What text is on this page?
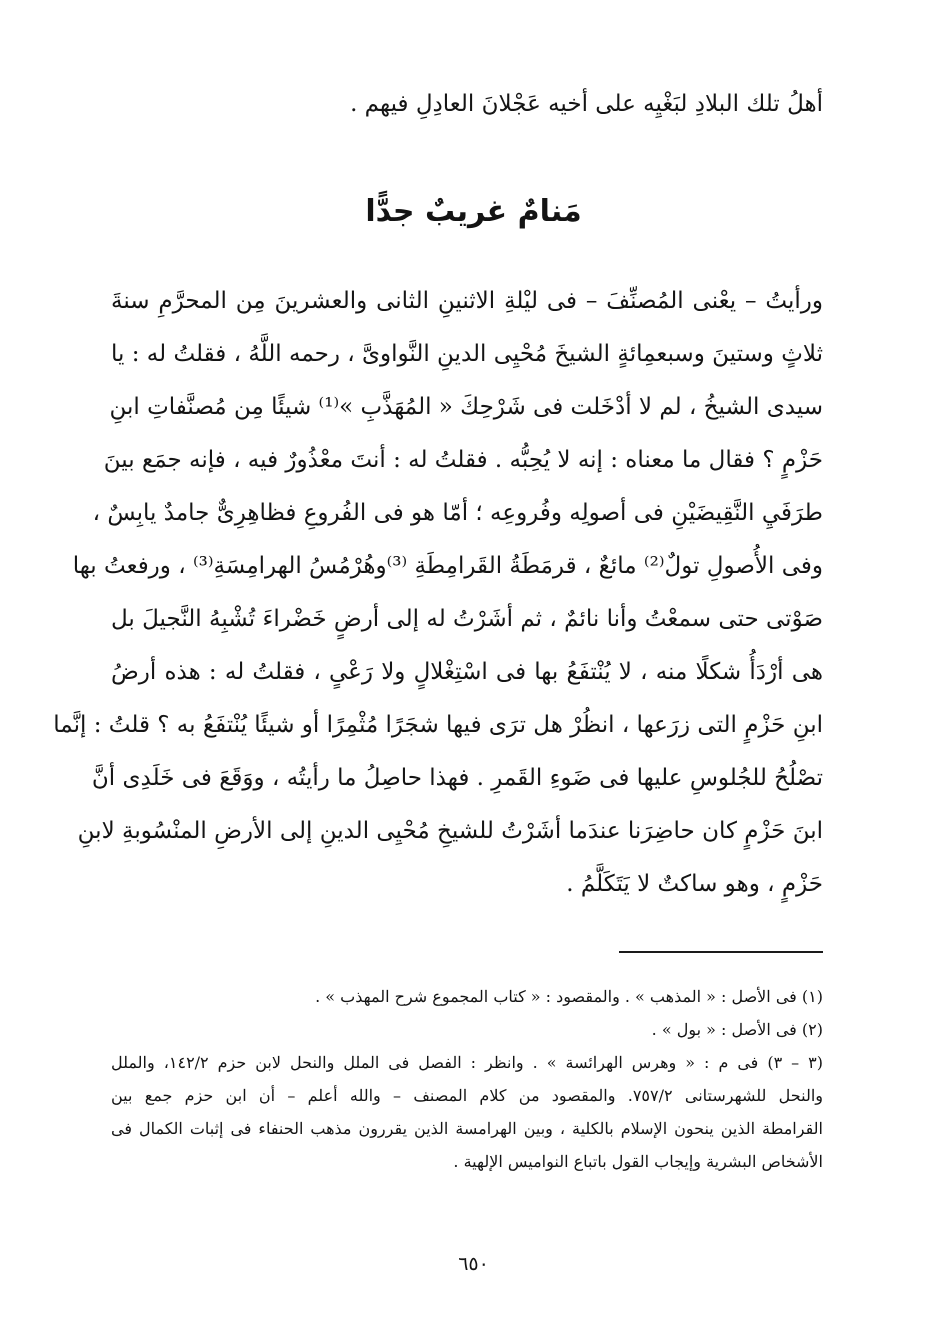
أهلُ تلك البلادِ لبَغْيِه على أخيه عَجْلانَ العادِلِ فيهم .
مَنامٌ غريبٌ جدًّا
ورأيتُ – يعْنى المُصنِّفَ – فى ليْلةِ الاثنينِ الثانى والعشرينَ مِن المحرَّمِ سنةَ
ثلاثٍ وستينَ وسبعمِائةٍ الشيخَ مُحْيِى الدينِ النَّواوىَّ ، رحمه اللَّهُ ، فقلتُ له : يا
سيدى الشيخُ ، لم لا أدْخَلت فى شَرْحِكَ « المُهَذَّبِ »⁽¹⁾ شيئًا مِن مُصنَّفاتِ ابنِ
حَزْمٍ ؟ فقال ما معناه : إنه لا يُحِبُّه . فقلتُ له : أنتَ معْذُورٌ فيه ، فإنه جمَع بينَ
طرَفَيِ النَّقِيضَيْنِ فى أصولِه وفُروعِه ؛ أمّا هو فى الفُروعِ فظاهِرِىٌّ جامدٌ يابِسٌ ،
وفى الأُصولِ تولٌ⁽²⁾ مائعٌ ، قرمَطَةُ القَرامِطَةِ ⁽³⁾وهُرْمُسُ الهرامِسَةِ⁽³⁾ ، ورفعتُ بها
صَوْتى حتى سمعْتُ وأنا نائمٌ ، ثم أشَرْتُ له إلى أرضٍ خَضْراءَ تُشْبِهُ النَّجيلَ بل
هى أرْدَأُ شكلًا منه ، لا يُنْتفَعُ بها فى اسْتِغْلالٍ ولا رَعْىٍ ، فقلتُ له : هذه أرضُ
ابنِ حَزْمٍ التى زرَعها ، انظُرْ هل ترَى فيها شجَرًا مُثْمِرًا أو شيئًا يُنْتفَعُ به ؟ قلتُ : إنَّما
تصْلُحُ للجُلوسِ عليها فى ضَوءِ القَمرِ . فهذا حاصِلُ ما رأيتُه ، ووَقَعَ فى خَلَدِى أنَّ
ابنَ حَزْمٍ كان حاضِرَنا عندَما أشَرْتُ للشيخِ مُحْيِى الدينِ إلى الأرضِ المنْسُوبةِ لابنِ
حَزْمٍ ، وهو ساكتٌ لا يَتَكَلَّمُ .
(١) فى الأصل : « المذهب » . والمقصود : « كتاب المجموع شرح المهذب » .
(٢) فى الأصل : « بول » .
(٣ – ٣) فى م : « وهرس الهرائسة » . وانظر : الفصل فى الملل والنحل لابن حزم ١٤٢/٢، والملل
والنحل للشهرستانى ٧٥٧/٢. والمقصود من كلام المصنف – والله أعلم – أن ابن حزم جمع بين
القرامطة الذين ينحون الإسلام بالكلية ، وبين الهرامسة الذين يقررون مذهب الحنفاء فى إثبات الكمال فى
الأشخاص البشرية وإيجاب القول باتباع النواميس الإلهية .
٦٥٠
